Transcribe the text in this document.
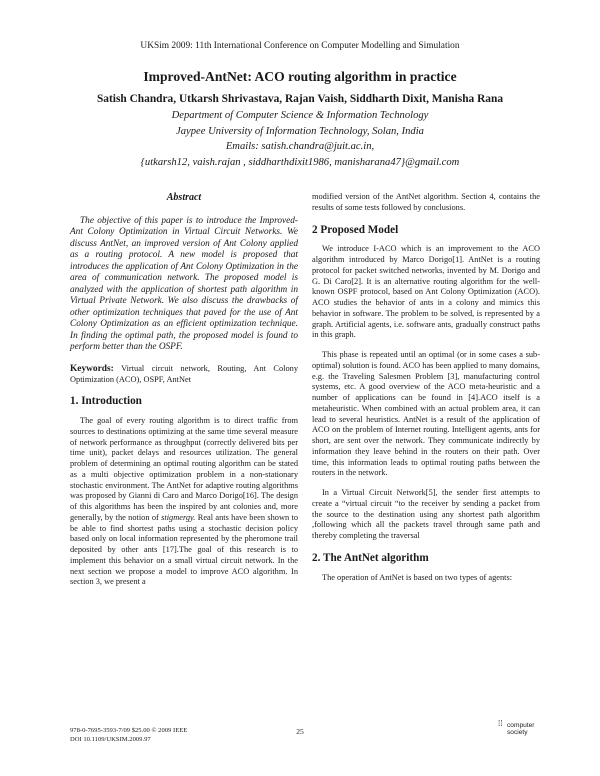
UKSim 2009: 11th International Conference on Computer Modelling and Simulation
Improved-AntNet: ACO routing algorithm in practice
Satish Chandra, Utkarsh Shrivastava, Rajan Vaish, Siddharth Dixit, Manisha Rana
Department of Computer Science & Information Technology
Jaypee University of Information Technology, Solan, India
Emails: satish.chandra@juit.ac.in,
{utkarsh12, vaish.rajan , siddharthdixit1986, manisharana47}@gmail.com

Abstract

The objective of this paper is to introduce the Improved-Ant Colony Optimization in Virtual Circuit Networks. We discuss AntNet, an improved version of Ant Colony applied as a routing protocol. A new model is proposed that introduces the application of Ant Colony Optimization in the area of communication network. The proposed model is analyzed with the application of shortest path algorithm in Virtual Private Network. We also discuss the drawbacks of other optimization techniques that paved for the use of Ant Colony Optimization as an efficient optimization technique. In finding the optimal path, the proposed model is found to perform better than the OSPF.

Keywords: Virtual circuit network, Routing, Ant Colony Optimization (ACO), OSPF, AntNet

1. Introduction

The goal of every routing algorithm is to direct traffic from sources to destinations optimizing at the same time several measure of network performance as throughput (correctly delivered bits per time unit), packet delays and resources utilization. The general problem of determining an optimal routing algorithm can be stated as a multi objective optimization problem in a non-stationary stochastic environment. The AntNet for adaptive routing algorithms was proposed by Gianni di Caro and Marco Dorigo[16]. The design of this algorithms has been the inspired by ant colonies and, more generally, by the notion of stigmergy. Real ants have been shown to be able to find shortest paths using a stochastic decision policy based only on local information represented by the pheromone trail deposited by other ants [17].The goal of this research is to implement this behavior on a small virtual circuit network. In the next section we propose a model to improve ACO algorithm. In section 3, we present a

modified version of the AntNet algorithm. Section 4, contains the results of some tests followed by conclusions.

2 Proposed Model

We introduce I-ACO which is an improvement to the ACO algorithm introduced by Marco Dorigo[1]. AntNet is a routing protocol for packet switched networks, invented by M. Dorigo and G. Di Caro[2]. It is an alternative routing algorithm for the well-known OSPF protocol, based on Ant Colony Optimization (ACO). ACO studies the behavior of ants in a colony and mimics this behavior in software. The problem to be solved, is represented by a graph. Artificial agents, i.e. software ants, gradually construct paths in this graph.

This phase is repeated until an optimal (or in some cases a sub-optimal) solution is found. ACO has been applied to many domains, e.g. the Traveling Salesmen Problem [3], manufacturing control systems, etc. A good overview of the ACO meta-heuristic and a number of applications can be found in [4].ACO itself is a metaheuristic. When combined with an actual problem area, it can lead to several heuristics. AntNet is a result of the application of ACO on the problem of Internet routing. Intelligent agents, ants for short, are sent over the network. They communicate indirectly by information they leave behind in the routers on their path. Over time, this information leads to optimal routing paths between the routers in the network.

In a Virtual Circuit Network[5], the sender first attempts to create a “virtual circuit “to the receiver by sending a packet from the source to the destination using any shortest path algorithm ,following which all the packets travel through same path and thereby completing the traversal

2. The AntNet algorithm

The operation of AntNet is based on two types of agents:

978-0-7695-3593-7/09 $25.00 © 2009 IEEE
DOI 10.1109/UKSIM.2009.97
25
⁞⁞ computer
society
